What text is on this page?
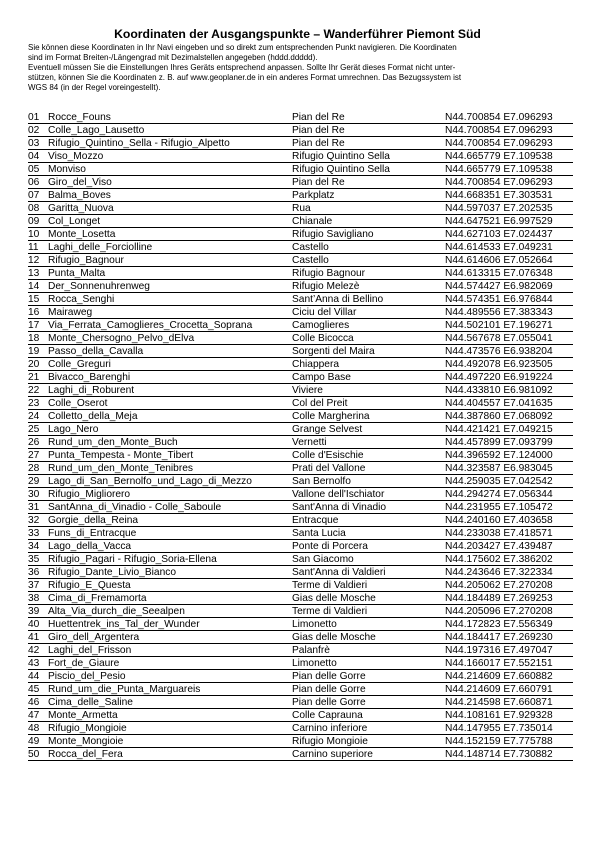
Koordinaten der Ausgangspunkte – Wanderführer Piemont Süd

Sie können diese Koordinaten in Ihr Navi eingeben und so direkt zum entsprechenden Punkt navigieren. Die Koordinaten

sind im Format Breiten-/Längengrad mit Dezimalstellen angegeben (hddd.ddddd).

Eventuell müssen Sie die Einstellungen Ihres Geräts entsprechend anpassen. Sollte Ihr Gerät dieses Format nicht unter-

stützen, können Sie die Koordinaten z. B. auf www.geoplaner.de in ein anderes Format umrechnen. Das Bezugssystem ist

WGS 84 (in der Regel voreingestellt).

01 Rocce_Founs	Pian del Re	N44.700854 E7.096293
02 Colle_Lago_Lausetto	Pian del Re	N44.700854 E7.096293
03 Rifugio_Quintino_Sella - Rifugio_Alpetto	Pian del Re	N44.700854 E7.096293
04 Viso_Mozzo	Rifugio Quintino Sella	N44.665779 E7.109538
05 Monviso	Rifugio Quintino Sella	N44.665779 E7.109538
06 Giro_del_Viso	Pian del Re	N44.700854 E7.096293
07 Balma_Boves	Parkplatz	N44.668351 E7.303531
08 Garitta_Nuova	Rua	N44.597037 E7.202535
09 Col_Longet	Chianale	N44.647521 E6.997529
10 Monte_Losetta	Rifugio Savigliano	N44.627103 E7.024437
11 Laghi_delle_Forciolline	Castello	N44.614533 E7.049231
12 Rifugio_Bagnour	Castello	N44.614606 E7.052664
13 Punta_Malta	Rifugio Bagnour	N44.613315 E7.076348
14 Der_Sonnenuhrenweg	Rifugio Melezè	N44.574427 E6.982069
15 Rocca_Senghi	Sant’Anna di Bellino	N44.574351 E6.976844
16 Mairaweg	Ciciu del Villar	N44.489556 E7.383343
17 Via_Ferrata_Camoglieres_Crocetta_Soprana	Camoglieres	N44.502101 E7.196271
18 Monte_Chersogno_Pelvo_dElva	Colle Bicocca	N44.567678 E7.055041
19 Passo_della_Cavalla	Sorgenti del Maira	N44.473576 E6.938204
20 Colle_Greguri	Chiappera	N44.492078 E6.923505
21 Bivacco_Barenghi	Campo Base	N44.497220 E6.919224
22 Laghi_di_Roburent	Viviere	N44.433810 E6.981092
23 Colle_Oserot	Col del Preit	N44.404557 E7.041635
24 Colletto_della_Meja	Colle Margherina	N44.387860 E7.068092
25 Lago_Nero	Grange Selvest	N44.421421 E7.049215
26 Rund_um_den_Monte_Buch	Vernetti	N44.457899 E7.093799
27 Punta_Tempesta - Monte_Tibert	Colle d'Esischie	N44.396592 E7.124000
28 Rund_um_den_Monte_Tenibres	Prati del Vallone	N44.323587 E6.983045
29 Lago_di_San_Bernolfo_und_Lago_di_Mezzo	San Bernolfo	N44.259035 E7.042542
30 Rifugio_Migliorero	Vallone dell'Ischiator	N44.294274 E7.056344
31 SantAnna_di_Vinadio - Colle_Saboule	Sant'Anna di Vinadio	N44.231955 E7.105472
32 Gorgie_della_Reina	Entracque	N44.240160 E7.403658
33 Funs_di_Entracque	Santa Lucia	N44.233038 E7.418571
34 Lago_della_Vacca	Ponte di Porcera	N44.203427 E7.439487
35 Rifugio_Pagari - Rifugio_Soria-Ellena	San Giacomo	N44.175602 E7.386202
36 Rifugio_Dante_Livio_Bianco	Sant'Anna di Valdieri	N44.243646 E7.322334
37 Rifugio_E_Questa	Terme di Valdieri	N44.205062 E7.270208
38 Cima_di_Fremamorta	Gias delle Mosche	N44.184489 E7.269253
39 Alta_Via_durch_die_Seealpen	Terme di Valdieri	N44.205096 E7.270208
40 Huettentrek_ins_Tal_der_Wunder	Limonetto	N44.172823 E7.556349
41 Giro_dell_Argentera	Gias delle Mosche	N44.184417 E7.269230
42 Laghi_del_Frisson	Palanfrè	N44.197316 E7.497047
43 Fort_de_Giaure	Limonetto	N44.166017 E7.552151
44 Piscio_del_Pesio	Pian delle Gorre	N44.214609 E7.660882
45 Rund_um_die_Punta_Marguareis	Pian delle Gorre	N44.214609 E7.660791
46 Cima_delle_Saline	Pian delle Gorre	N44.214598 E7.660871
47 Monte_Armetta	Colle Caprauna	N44.108161 E7.929328
48 Rifugio_Mongioie	Carnino inferiore	N44.147955 E7.735014
49 Monte_Mongioie	Rifugio Mongioie	N44.152159 E7.775788
50 Rocca_del_Fera	Carnino superiore	N44.148714 E7.730882
